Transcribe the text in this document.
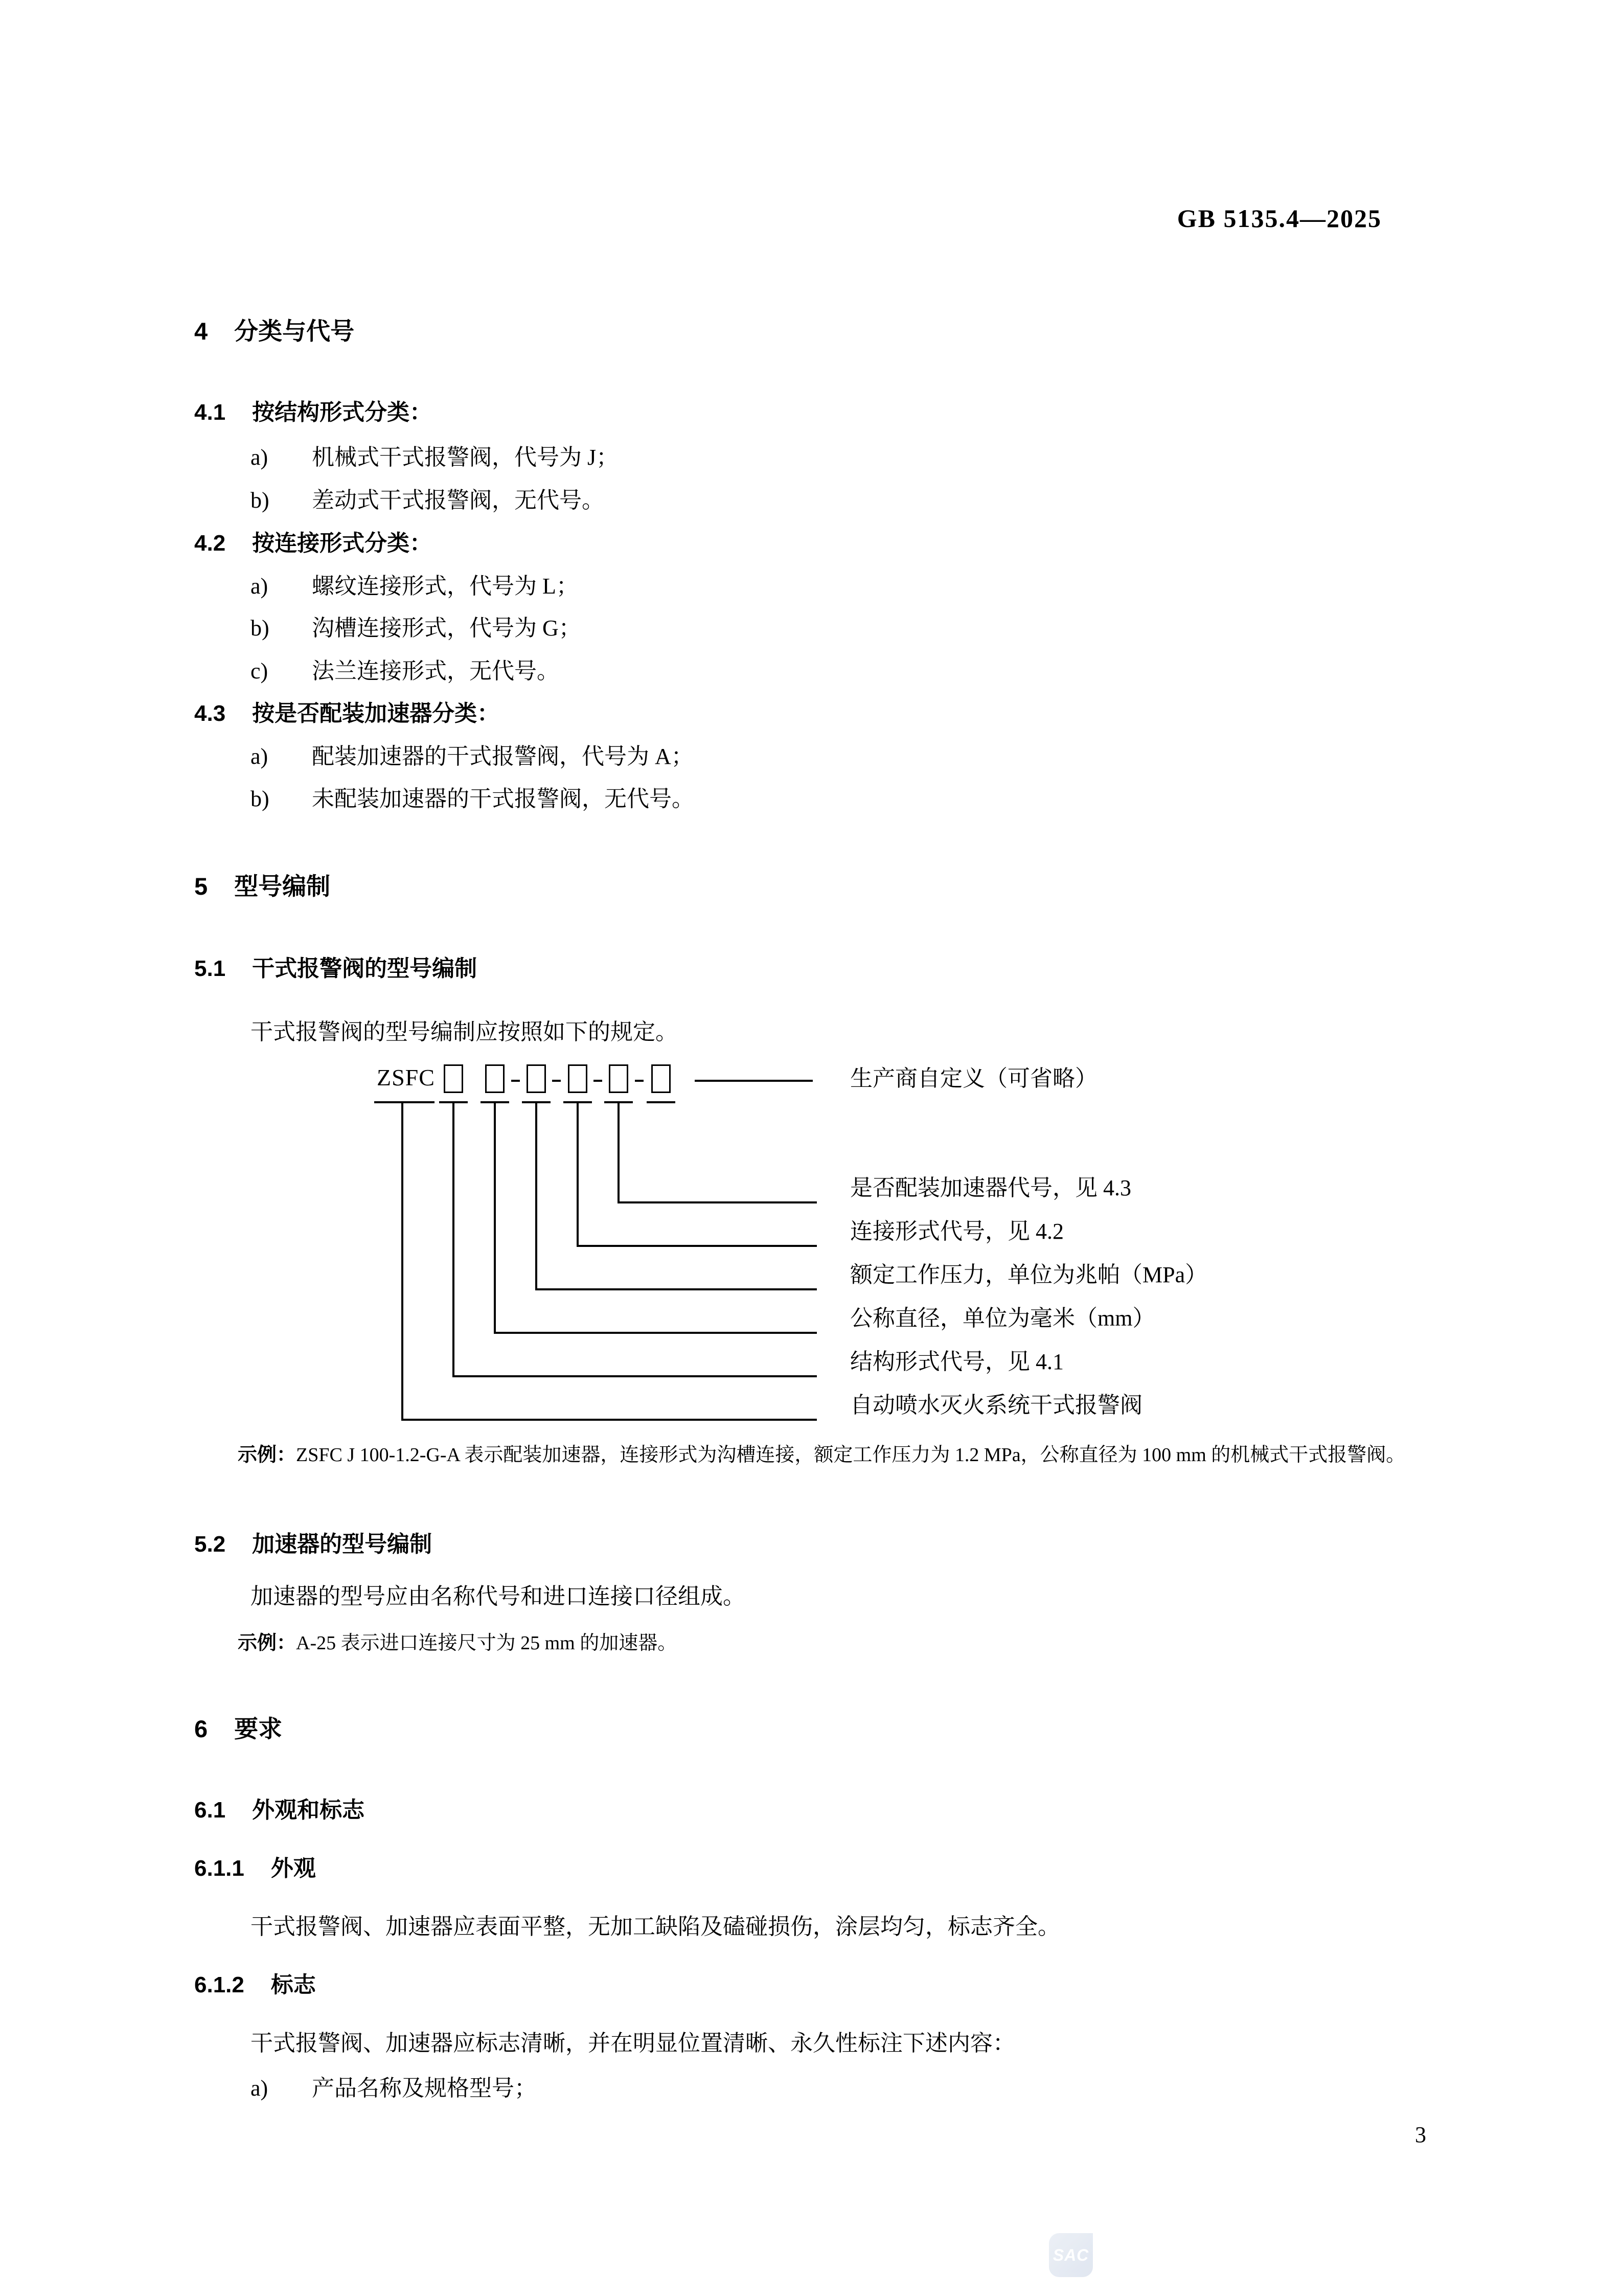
GB 5135.4—2025
4 分类与代号
4.1 按结构形式分类：
a) 机械式干式报警阀，代号为 J；
b) 差动式干式报警阀，无代号。
4.2 按连接形式分类：
a) 螺纹连接形式，代号为 L；
b) 沟槽连接形式，代号为 G；
c) 法兰连接形式，无代号。
4.3 按是否配装加速器分类：
a) 配装加速器的干式报警阀，代号为 A；
b) 未配装加速器的干式报警阀，无代号。
5 型号编制
5.1 干式报警阀的型号编制
干式报警阀的型号编制应按照如下的规定。
ZSFC	生产商自定义（可省略）
是否配装加速器代号，见 4.3
连接形式代号，见 4.2
额定工作压力，单位为兆帕（MPa）
公称直径，单位为毫米（mm）
结构形式代号，见 4.1
自动喷水灭火系统干式报警阀
示例：ZSFC J 100-1.2-G-A 表示配装加速器，连接形式为沟槽连接，额定工作压力为 1.2 MPa，公称直径为 100 mm 的机械式干式报警阀。
5.2 加速器的型号编制
加速器的型号应由名称代号和进口连接口径组成。
示例：A-25 表示进口连接尺寸为 25 mm 的加速器。
6 要求
6.1 外观和标志
6.1.1 外观
干式报警阀、加速器应表面平整，无加工缺陷及磕碰损伤，涂层均匀，标志齐全。
6.1.2 标志
干式报警阀、加速器应标志清晰，并在明显位置清晰、永久性标注下述内容：
a) 产品名称及规格型号；
SAC
3
